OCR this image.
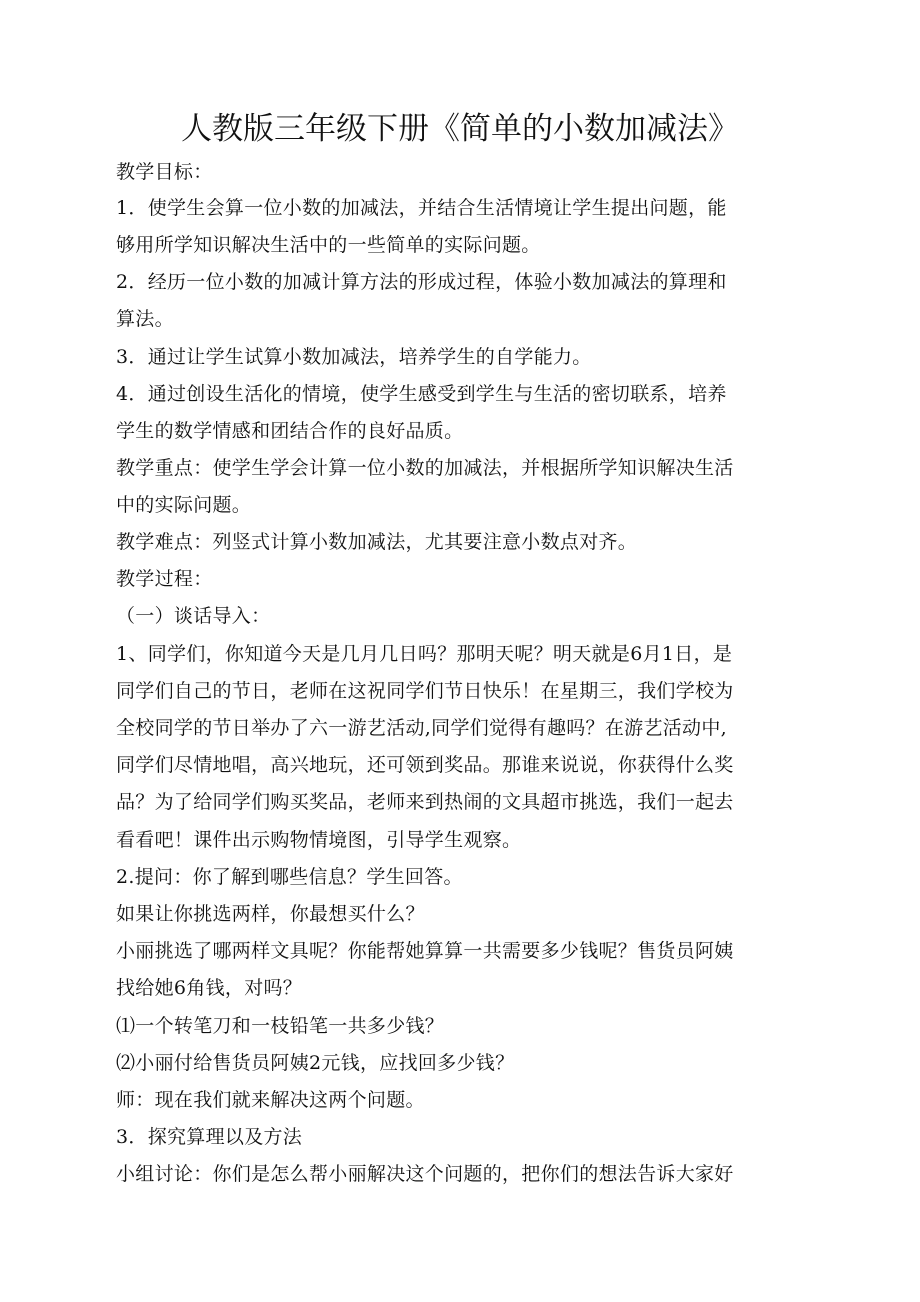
人教版三年级下册《简单的小数加减法》

教学目标：

1．使学生会算一位小数的加减法，并结合生活情境让学生提出问题，能

够用所学知识解决生活中的一些简单的实际问题。

2．经历一位小数的加减计算方法的形成过程，体验小数加减法的算理和

算法。

3．通过让学生试算小数加减法，培养学生的自学能力。

4．通过创设生活化的情境，使学生感受到学生与生活的密切联系，培养

学生的数学情感和团结合作的良好品质。

教学重点：使学生学会计算一位小数的加减法，并根据所学知识解决生活

中的实际问题。

教学难点：列竖式计算小数加减法，尤其要注意小数点对齐。

教学过程：

（一）谈话导入：

1、同学们，你知道今天是几月几日吗？那明天呢？明天就是6月1日，是

同学们自己的节日，老师在这祝同学们节日快乐！在星期三，我们学校为

全校同学的节日举办了六一游艺活动,同学们觉得有趣吗？在游艺活动中,

同学们尽情地唱，高兴地玩，还可领到奖品。那谁来说说，你获得什么奖

品？为了给同学们购买奖品，老师来到热闹的文具超市挑选，我们一起去

看看吧！课件出示购物情境图，引导学生观察。

2.提问：你了解到哪些信息？学生回答。

如果让你挑选两样，你最想买什么？

小丽挑选了哪两样文具呢？你能帮她算算一共需要多少钱呢？售货员阿姨

找给她6角钱，对吗？

⑴一个转笔刀和一枝铅笔一共多少钱？

⑵小丽付给售货员阿姨2元钱，应找回多少钱？

师：现在我们就来解决这两个问题。

3．探究算理以及方法

小组讨论：你们是怎么帮小丽解决这个问题的，把你们的想法告诉大家好
